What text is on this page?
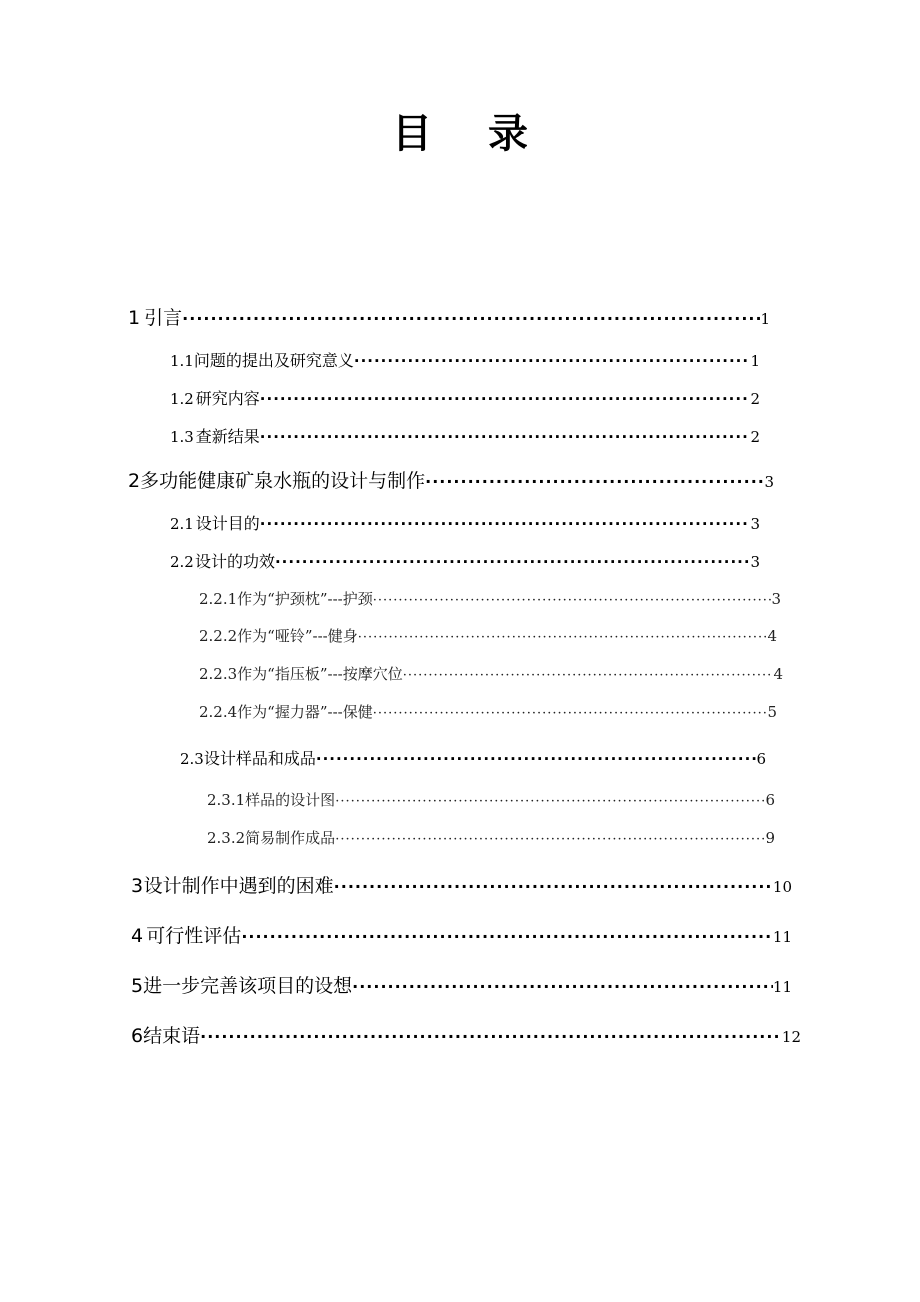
目 录
1 引言 ·····	1
1.1 问题的提出及研究意义 ·····	1
1.2 研究内容 ·····	2
1.3 查新结果 ·····	2
2 多功能健康矿泉水瓶的设计与制作 ·····	3
2.1 设计目的 ·····	3
2.2 设计的功效 ·····	3
2.2.1 作为“护颈枕”---护颈 ·····	3
2.2.2 作为“哑铃”---健身 ·····	4
2.2.3 作为“指压板”---按摩穴位 ·····	4
2.2.4 作为“握力器”---保健 ·····	5
2.3 设计样品和成品 ·····	6
2.3.1 样品的设计图 ·····	6
2.3.2 简易制作成品 ·····	9
3 设计制作中遇到的困难 ·····	10
4 可行性评估 ·····	11
5 进一步完善该项目的设想 ·····	11
6 结束语 ·····	12
